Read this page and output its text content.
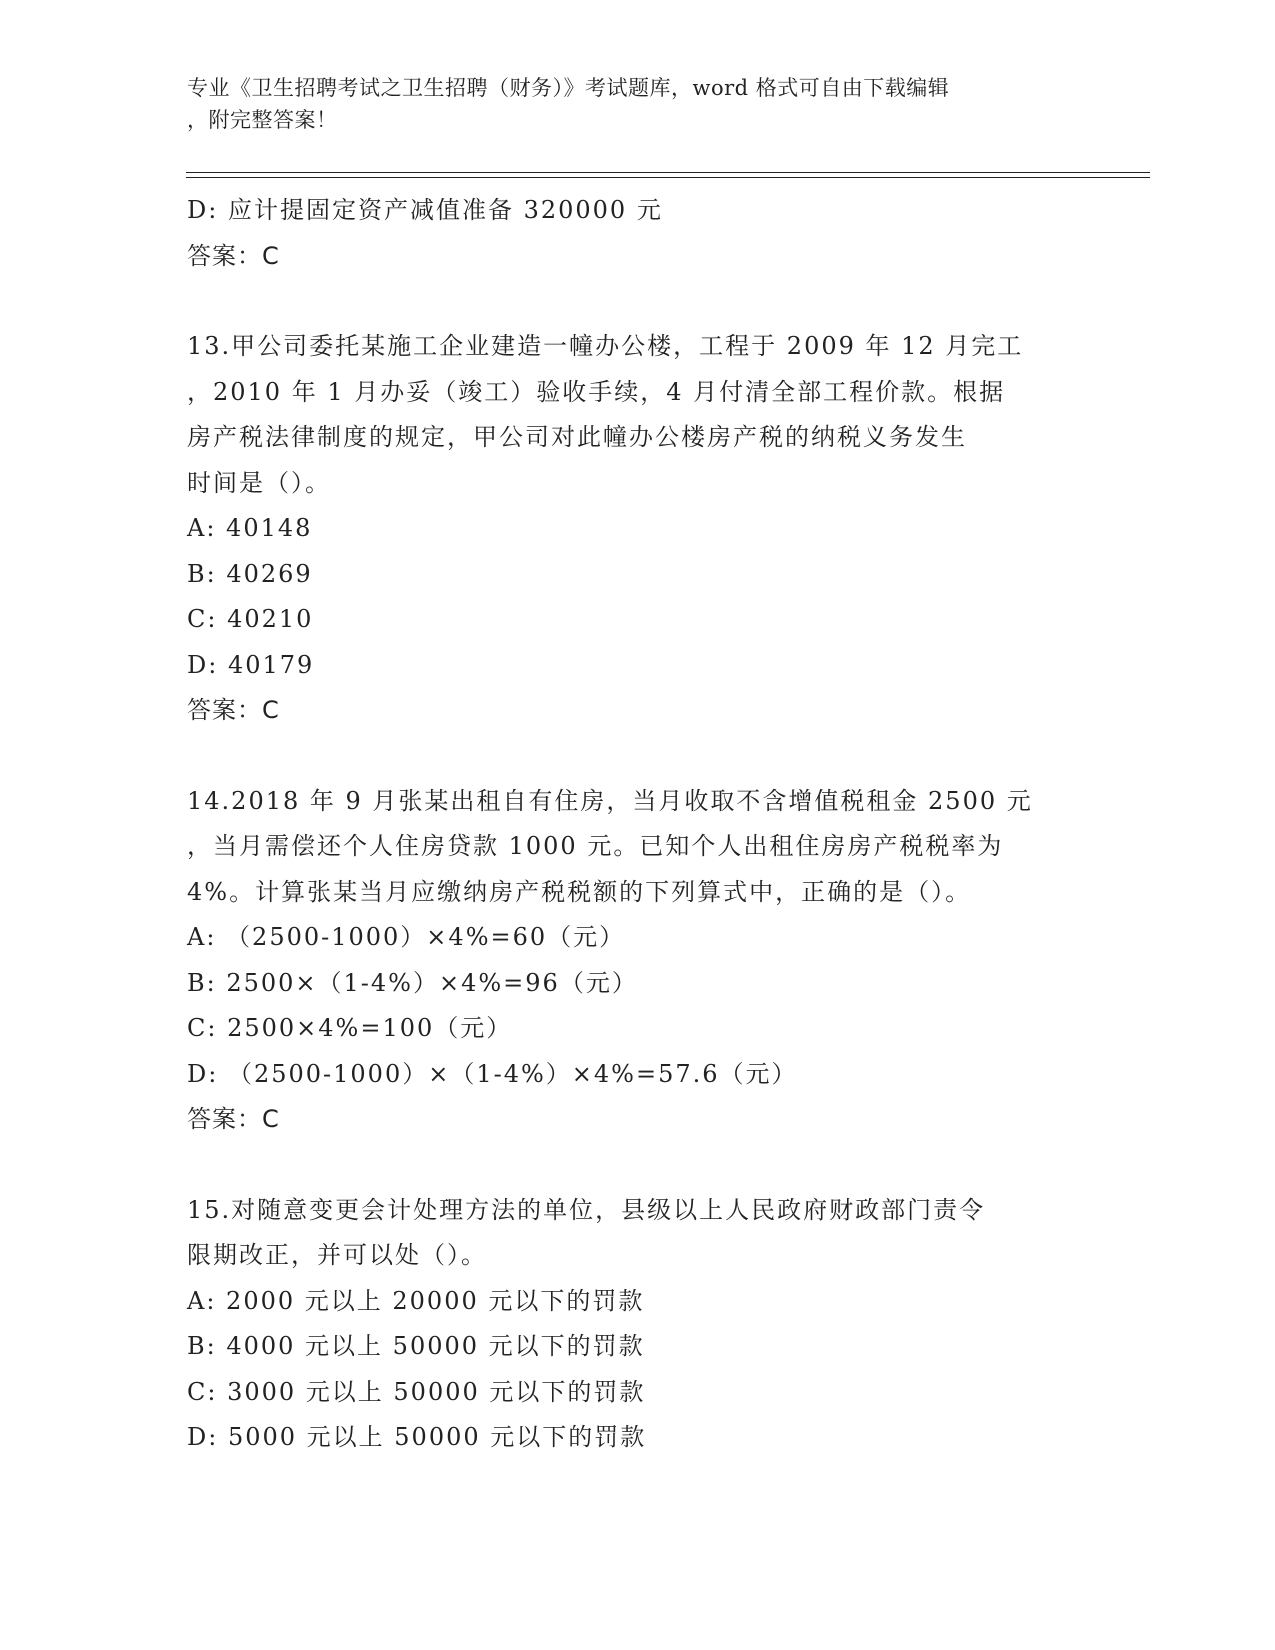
专业《卫生招聘考试之卫生招聘（财务）》考试题库，word 格式可自由下载编辑
，附完整答案！
D: 应计提固定资产减值准备 320000 元
答案：C
13.甲公司委托某施工企业建造一幢办公楼，工程于 2009 年 12 月完工
，2010 年 1 月办妥（竣工）验收手续，4 月付清全部工程价款。根据
房产税法律制度的规定，甲公司对此幢办公楼房产税的纳税义务发生
时间是（）。
A: 40148
B: 40269
C: 40210
D: 40179
答案：C
14.2018 年 9 月张某出租自有住房，当月收取不含增值税租金 2500 元
，当月需偿还个人住房贷款 1000 元。已知个人出租住房房产税税率为
4%。计算张某当月应缴纳房产税税额的下列算式中，正确的是（）。
A: （2500-1000）×4%=60（元）
B: 2500×（1-4%）×4%=96（元）
C: 2500×4%=100（元）
D: （2500-1000）×（1-4%）×4%=57.6（元）
答案：C
15.对随意变更会计处理方法的单位，县级以上人民政府财政部门责令
限期改正，并可以处（）。
A: 2000 元以上 20000 元以下的罚款
B: 4000 元以上 50000 元以下的罚款
C: 3000 元以上 50000 元以下的罚款
D: 5000 元以上 50000 元以下的罚款
